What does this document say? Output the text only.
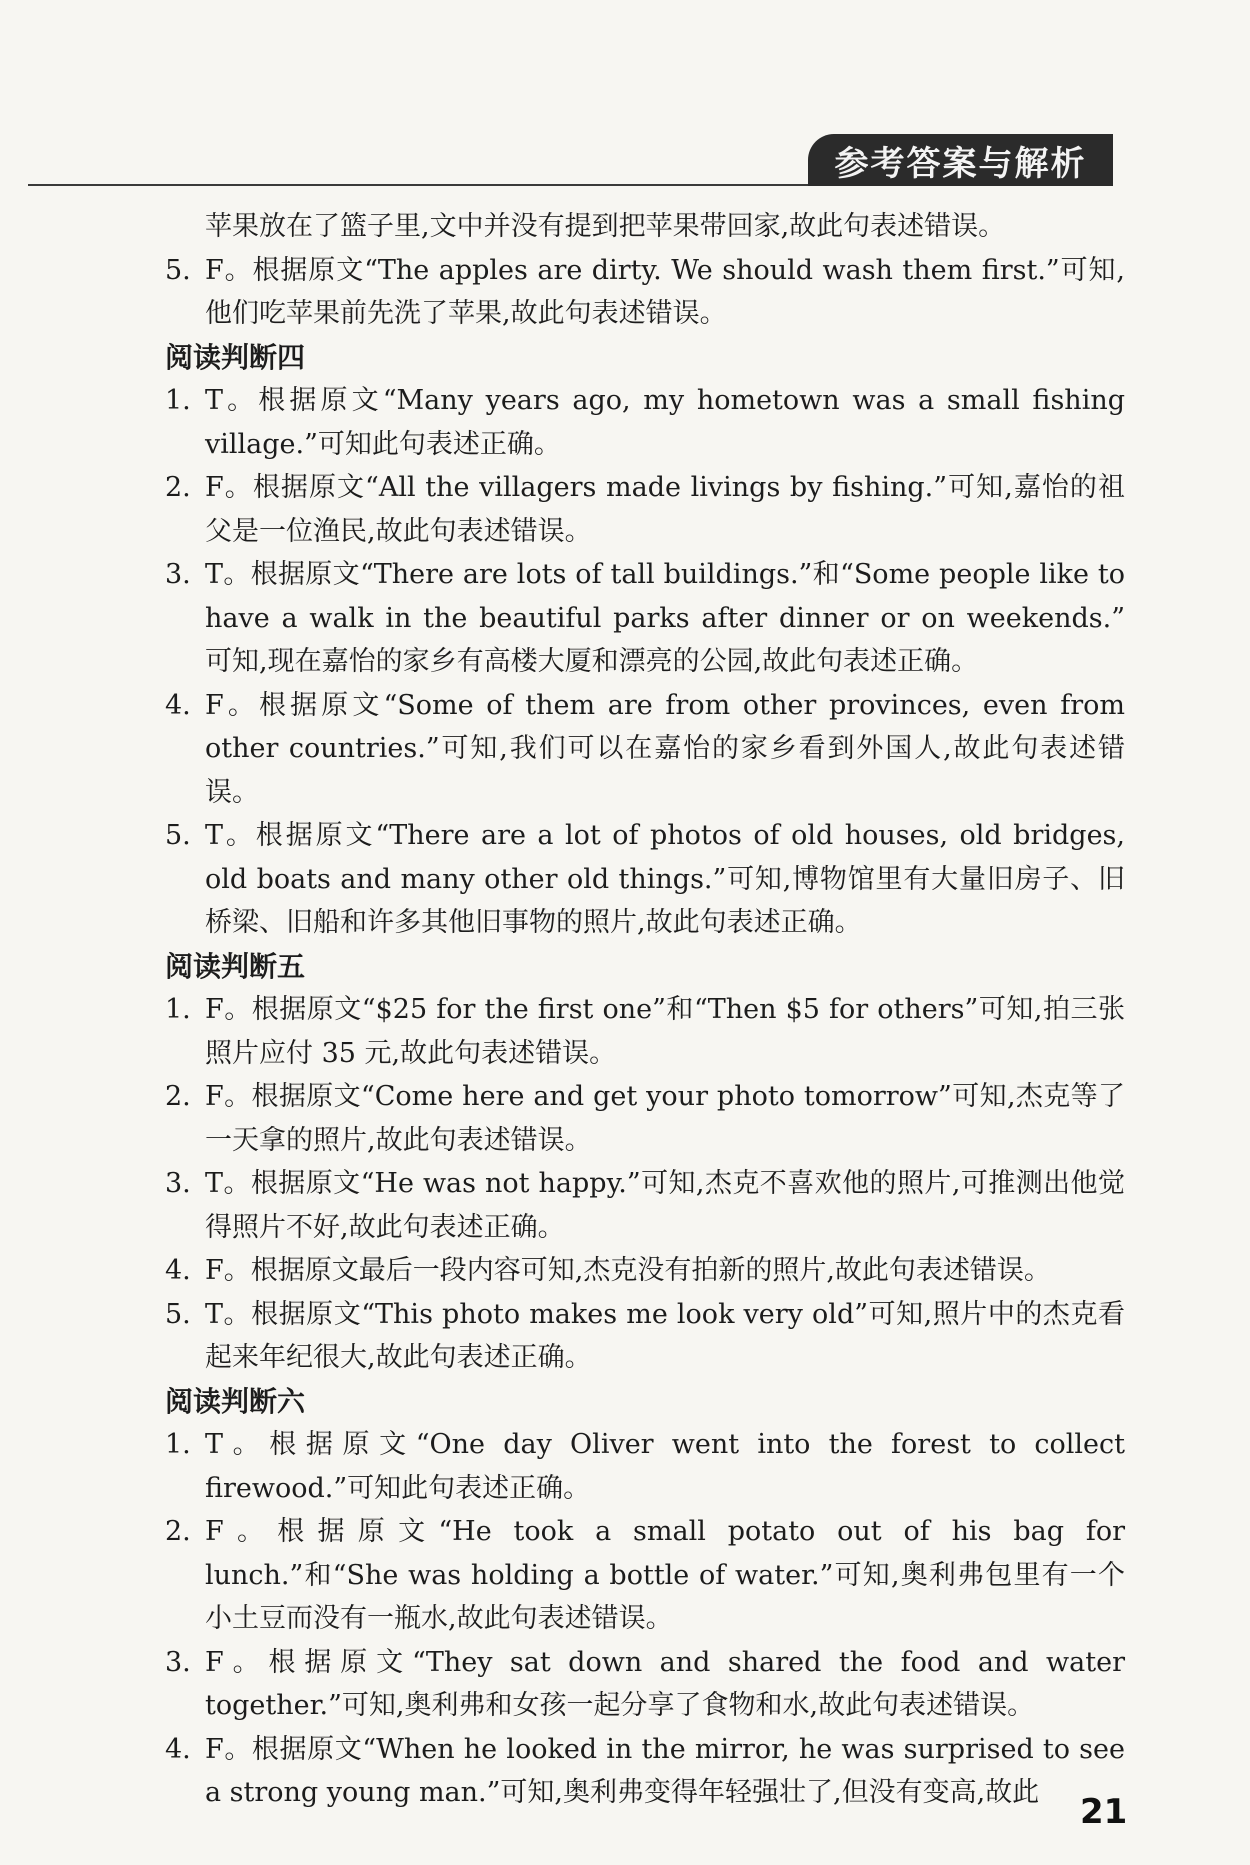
参考答案与解析

苹果放在了篮子里,文中并没有提到把苹果带回家,故此句表述错误。

5. F。根据原文“The apples are dirty. We should wash them first.”可知,他们吃苹果前先洗了苹果,故此句表述错误。

阅读判断四

1. T。根据原文“Many years ago, my hometown was a small fishing village.”可知此句表述正确。

2. F。根据原文“All the villagers made livings by fishing.”可知,嘉怡的祖父是一位渔民,故此句表述错误。

3. T。根据原文“There are lots of tall buildings.”和“Some people like to have a walk in the beautiful parks after dinner or on weekends.” 可知,现在嘉怡的家乡有高楼大厦和漂亮的公园,故此句表述正确。

4. F。根据原文“Some of them are from other provinces, even from other countries.”可知,我们可以在嘉怡的家乡看到外国人,故此句表述错误。

5. T。根据原文“There are a lot of photos of old houses, old bridges, old boats and many other old things.”可知,博物馆里有大量旧房子、旧桥梁、旧船和许多其他旧事物的照片,故此句表述正确。

阅读判断五

1. F。根据原文“$25 for the first one”和“Then $5 for others”可知,拍三张照片应付 35 元,故此句表述错误。

2. F。根据原文“Come here and get your photo tomorrow”可知,杰克等了一天拿的照片,故此句表述错误。

3. T。根据原文“He was not happy.”可知,杰克不喜欢他的照片,可推测出他觉得照片不好,故此句表述正确。

4. F。根据原文最后一段内容可知,杰克没有拍新的照片,故此句表述错误。

5. T。根据原文“This photo makes me look very old”可知,照片中的杰克看起来年纪很大,故此句表述正确。

阅读判断六

1. T。根据原文“One day Oliver went into the forest to collect firewood.”可知此句表述正确。

2. F。根据原文“He took a small potato out of his bag for lunch.”和“She was holding a bottle of water.”可知,奥利弗包里有一个小土豆而没有一瓶水,故此句表述错误。

3. F。根据原文“They sat down and shared the food and water together.”可知,奥利弗和女孩一起分享了食物和水,故此句表述错误。

4. F。根据原文“When he looked in the mirror, he was surprised to see a strong young man.”可知,奥利弗变得年轻强壮了,但没有变高,故此	21
